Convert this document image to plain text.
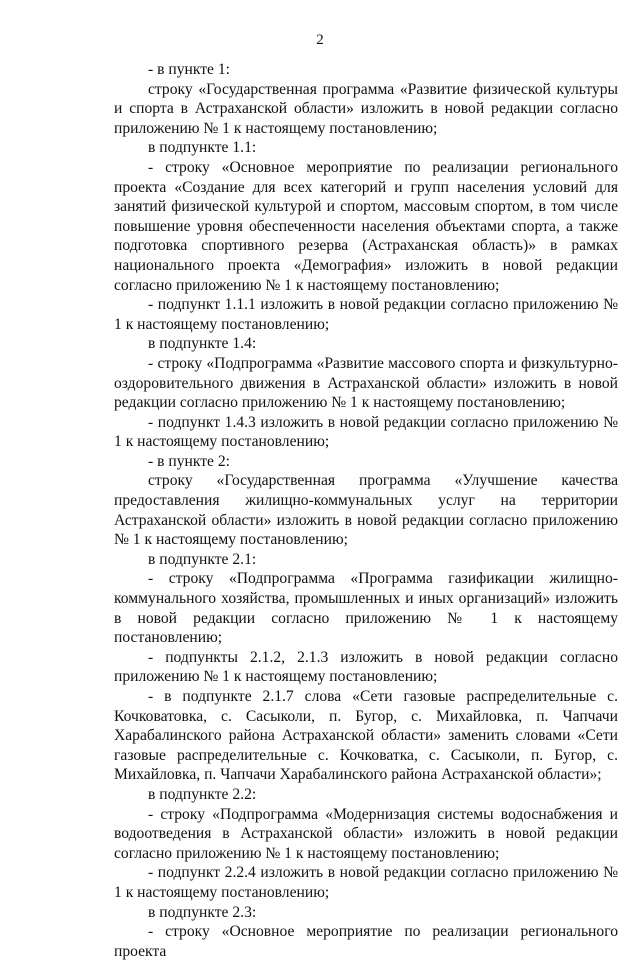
2

- в пункте 1:

строку «Государственная программа «Развитие физической культуры и спорта в Астраханской области» изложить в новой редакции согласно приложению № 1 к настоящему постановлению;

в подпункте 1.1:

- строку «Основное мероприятие по реализации регионального проекта «Создание для всех категорий и групп населения условий для занятий физической культурой и спортом, массовым спортом, в том числе повышение уровня обеспеченности населения объектами спорта, а также подготовка спортивного резерва (Астраханская область)» в рамках национального проекта «Демография» изложить в новой редакции согласно приложению № 1 к настоящему постановлению;

- подпункт 1.1.1 изложить в новой редакции согласно приложению № 1 к настоящему постановлению;

в подпункте 1.4:

- строку «Подпрограмма «Развитие массового спорта и физкультурно-оздоровительного движения в Астраханской области» изложить в новой редакции согласно приложению № 1 к настоящему постановлению;

- подпункт 1.4.3 изложить в новой редакции согласно приложению № 1 к настоящему постановлению;

- в пункте 2:

строку «Государственная программа «Улучшение качества предоставления жилищно-коммунальных услуг на территории Астраханской области» изложить в новой редакции согласно приложению № 1 к настоящему постановлению;

в подпункте 2.1:

- строку «Подпрограмма «Программа газификации жилищно-коммунального хозяйства, промышленных и иных организаций» изложить в новой редакции согласно приложению № 1 к настоящему постановлению;

- подпункты 2.1.2, 2.1.3 изложить в новой редакции согласно приложению № 1 к настоящему постановлению;

- в подпункте 2.1.7 слова «Сети газовые распределительные с. Кочковатовка, с. Сасыколи, п. Бугор, с. Михайловка, п. Чапчачи Харабалинского района Астраханской области» заменить словами «Сети газовые распределительные с. Кочковатка, с. Сасыколи, п. Бугор, с. Михайловка, п. Чапчачи Харабалинского района Астраханской области»;

в подпункте 2.2:

- строку «Подпрограмма «Модернизация системы водоснабжения и водоотведения в Астраханской области» изложить в новой редакции согласно приложению № 1 к настоящему постановлению;

- подпункт 2.2.4 изложить в новой редакции согласно приложению № 1 к настоящему постановлению;

в подпункте 2.3:

- строку «Основное мероприятие по реализации регионального проекта
